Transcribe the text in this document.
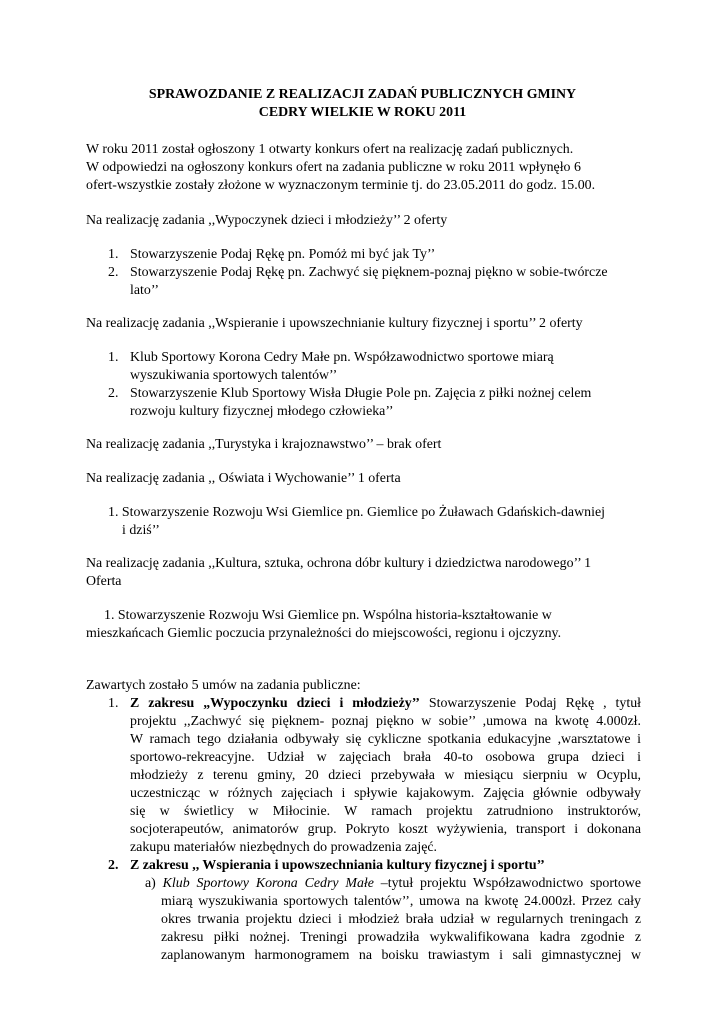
SPRAWOZDANIE Z REALIZACJI ZADAŃ PUBLICZNYCH GMINY
CEDRY WIELKIE W ROKU 2011
W roku 2011 został ogłoszony 1 otwarty konkurs ofert na realizację zadań publicznych.
W odpowiedzi na ogłoszony konkurs ofert na zadania publiczne w roku 2011 wpłynęło 6
ofert-wszystkie zostały złożone w wyznaczonym terminie tj. do 23.05.2011 do godz. 15.00.
Na realizację zadania ,,Wypoczynek dzieci i młodzieży’’ 2 oferty
1. Stowarzyszenie Podaj Rękę pn. Pomóż mi być jak Ty’’
2. Stowarzyszenie Podaj Rękę pn. Zachwyć się pięknem-poznaj piękno w sobie-twórcze
lato’’
Na realizację zadania ,,Wspieranie i upowszechnianie kultury fizycznej i sportu’’ 2 oferty
1. Klub Sportowy Korona Cedry Małe pn. Współzawodnictwo sportowe miarą
wyszukiwania sportowych talentów’’
2. Stowarzyszenie Klub Sportowy Wisła Długie Pole pn. Zajęcia z piłki nożnej celem
rozwoju kultury fizycznej młodego człowieka’’
Na realizację zadania ,,Turystyka i krajoznawstwo’’ – brak ofert
Na realizację zadania ,, Oświata i Wychowanie’’ 1 oferta
1. Stowarzyszenie Rozwoju Wsi Giemlice pn. Giemlice po Żuławach Gdańskich-dawniej
i dziś’’
Na realizację zadania ,,Kultura, sztuka, ochrona dóbr kultury i dziedzictwa narodowego’’ 1
Oferta
1. Stowarzyszenie Rozwoju Wsi Giemlice pn. Wspólna historia-kształtowanie w
mieszkańcach Giemlic poczucia przynależności do miejscowości, regionu i ojczyzny.
Zawartych zostało 5 umów na zadania publiczne:
1. Z zakresu „Wypoczynku dzieci i młodzieży’’ Stowarzyszenie Podaj Rękę , tytuł
projektu ,,Zachwyć się pięknem- poznaj piękno w sobie’’ ,umowa na kwotę 4.000zł.
W ramach tego działania odbywały się cykliczne spotkania edukacyjne ,warsztatowe i
sportowo-rekreacyjne. Udział w zajęciach brała 40-to osobowa grupa dzieci i
młodzieży z terenu gminy, 20 dzieci przebywała w miesiącu sierpniu w Ocyplu,
uczestnicząc w różnych zajęciach i spływie kajakowym. Zajęcia głównie odbywały
się w świetlicy w Miłocinie. W ramach projektu zatrudniono instruktorów,
socjoterapeutów, animatorów grup. Pokryto koszt wyżywienia, transport i dokonana
zakupu materiałów niezbędnych do prowadzenia zajęć.
2. Z zakresu ,, Wspierania i upowszechniania kultury fizycznej i sportu’’
a) Klub Sportowy Korona Cedry Małe –tytuł projektu Współzawodnictwo sportowe
miarą wyszukiwania sportowych talentów’’, umowa na kwotę 24.000zł. Przez cały
okres trwania projektu dzieci i młodzież brała udział w regularnych treningach z
zakresu piłki nożnej. Treningi prowadziła wykwalifikowana kadra zgodnie z
zaplanowanym harmonogramem na boisku trawiastym i sali gimnastycznej w
